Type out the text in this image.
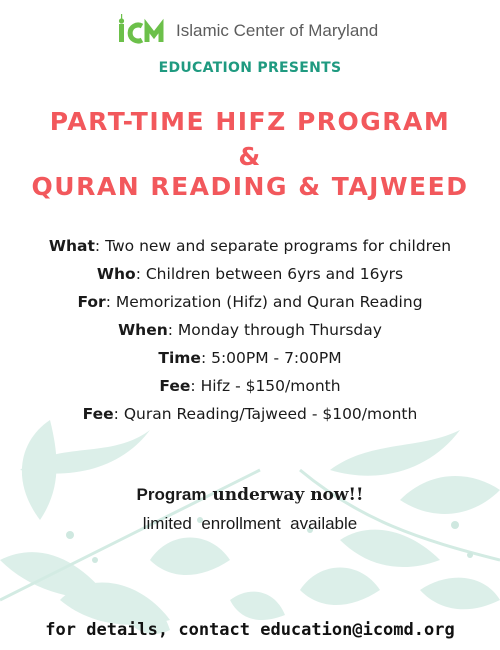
Islamic Center of Maryland
EDUCATION PRESENTS
PART-TIME HIFZ PROGRAM
&
QURAN READING & TAJWEED
What: Two new and separate programs for children
Who: Children between 6yrs and 16yrs
For: Memorization (Hifz) and Quran Reading
When: Monday through Thursday
Time: 5:00PM - 7:00PM
Fee: Hifz - $150/month
Fee: Quran Reading/Tajweed - $100/month
Program underway now!!
limited  enrollment  available
for details, contact education@icomd.org
